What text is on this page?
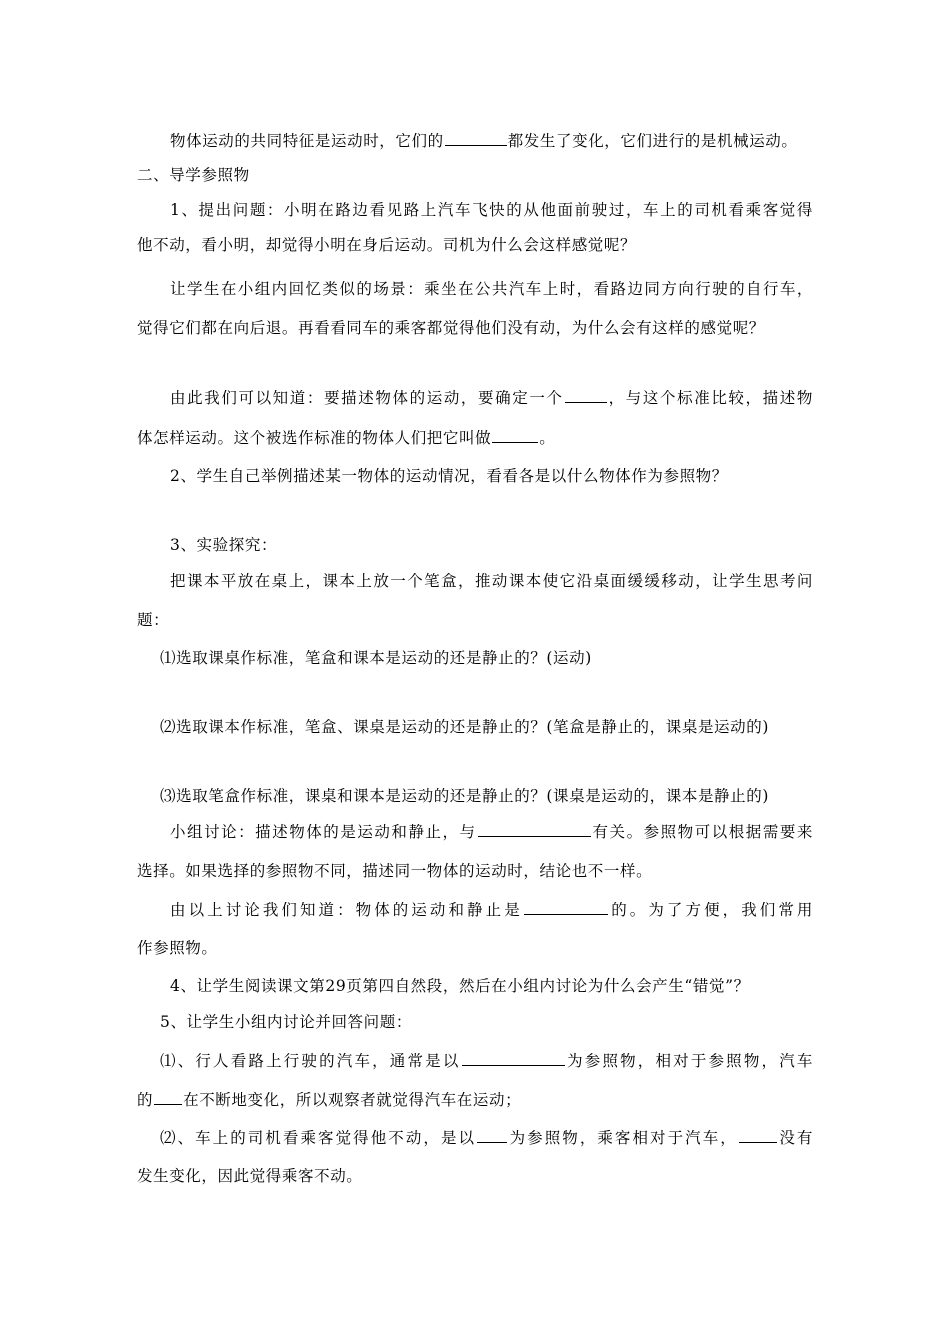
物体运动的共同特征是运动时，它们的	都发生了变化，它们进行的是机械运动。
二、导学参照物
1、提出问题：小明在路边看见路上汽车飞快的从他面前驶过，车上的司机看乘客觉得
他不动，看小明，却觉得小明在身后运动。司机为什么会这样感觉呢？
让学生在小组内回忆类似的场景：乘坐在公共汽车上时，看路边同方向行驶的自行车，
觉得它们都在向后退。再看看同车的乘客都觉得他们没有动，为什么会有这样的感觉呢？
由此我们可以知道：要描述物体的运动，要确定一个	，与这个标准比较，描述物
体怎样运动。这个被选作标准的物体人们把它叫做	。
2、学生自己举例描述某一物体的运动情况，看看各是以什么物体作为参照物？
3、实验探究：
把课本平放在桌上，课本上放一个笔盒，推动课本使它沿桌面缓缓移动，让学生思考问
题：
⑴选取课桌作标准，笔盒和课本是运动的还是静止的？(运动)
⑵选取课本作标准，笔盒、课桌是运动的还是静止的？(笔盒是静止的，课桌是运动的)
⑶选取笔盒作标准，课桌和课本是运动的还是静止的？(课桌是运动的，课本是静止的)
小组讨论：描述物体的是运动和静止，与	有关。参照物可以根据需要来
选择。如果选择的参照物不同，描述同一物体的运动时，结论也不一样。
由以上讨论我们知道：物体的运动和静止是	的。为了方便，我们常用
作参照物。
4、让学生阅读课文第29页第四自然段，然后在小组内讨论为什么会产生“错觉”？
5、让学生小组内讨论并回答问题：
⑴、行人看路上行驶的汽车，通常是以	为参照物，相对于参照物，汽车
的 在不断地变化，所以观察者就觉得汽车在运动；
⑵、车上的司机看乘客觉得他不动，是以 为参照物，乘客相对于汽车，	没有
发生变化，因此觉得乘客不动。
